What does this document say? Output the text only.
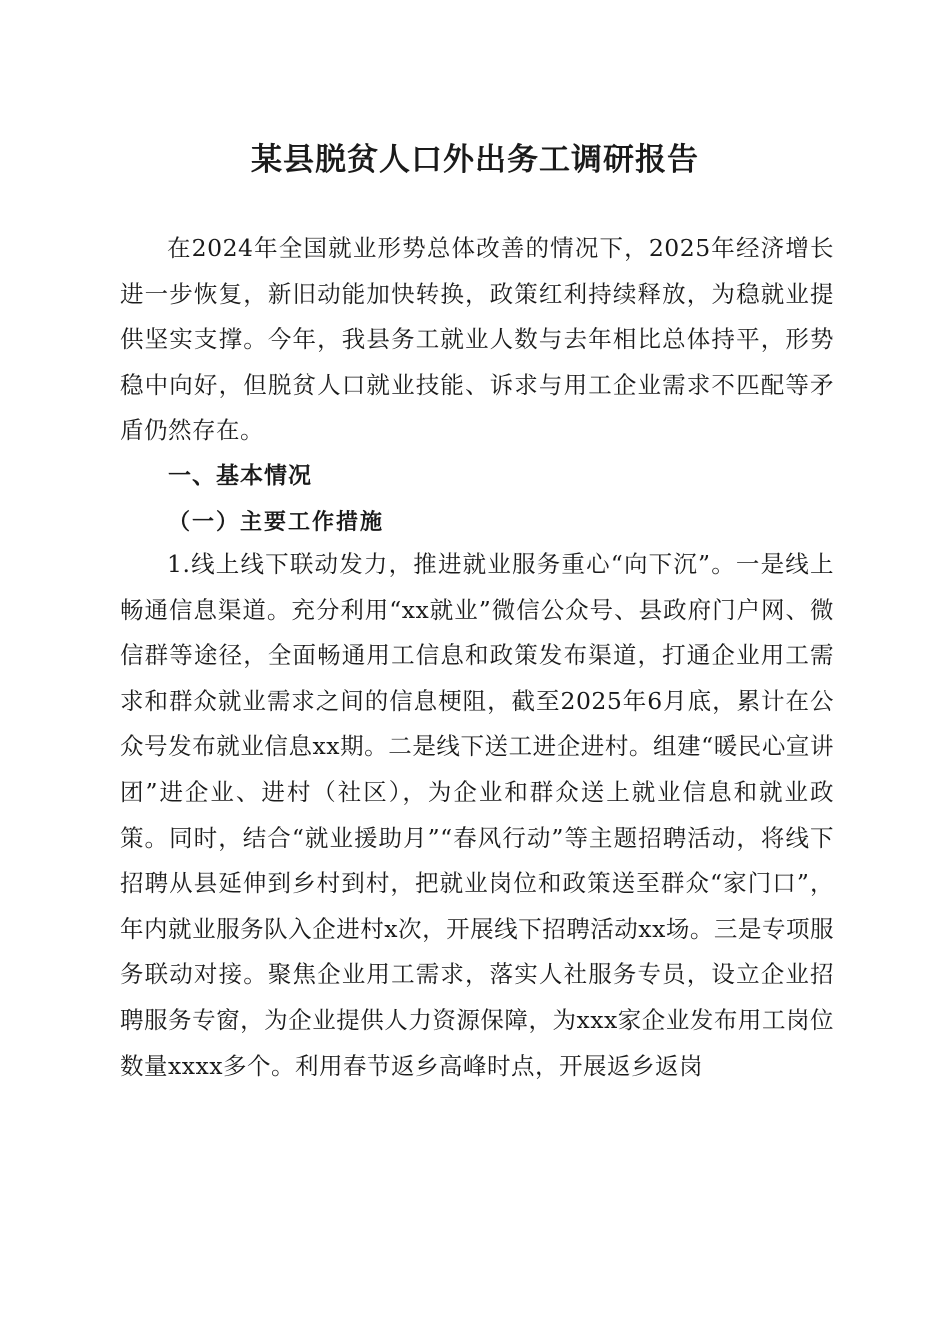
某县脱贫人口外出务工调研报告

在2024年全国就业形势总体改善的情况下，2025年经济增长进一步恢复，新旧动能加快转换，政策红利持续释放，为稳就业提供坚实支撑。今年，我县务工就业人数与去年相比总体持平，形势稳中向好，但脱贫人口就业技能、诉求与用工企业需求不匹配等矛盾仍然存在。

一、基本情况
（一）主要工作措施

1.线上线下联动发力，推进就业服务重心“向下沉”。一是线上畅通信息渠道。充分利用“xx就业”微信公众号、县政府门户网、微信群等途径，全面畅通用工信息和政策发布渠道，打通企业用工需求和群众就业需求之间的信息梗阻，截至2025年6月底，累计在公众号发布就业信息xx期。二是线下送工进企进村。组建“暖民心宣讲团”进企业、进村（社区），为企业和群众送上就业信息和就业政策。同时，结合“就业援助月”“春风行动”等主题招聘活动，将线下招聘从县延伸到乡村到村，把就业岗位和政策送至群众“家门口”，年内就业服务队入企进村x次，开展线下招聘活动xx场。三是专项服务联动对接。聚焦企业用工需求，落实人社服务专员，设立企业招聘服务专窗，为企业提供人力资源保障，为xxx家企业发布用工岗位数量xxxx多个。利用春节返乡高峰时点，开展返乡返岗
